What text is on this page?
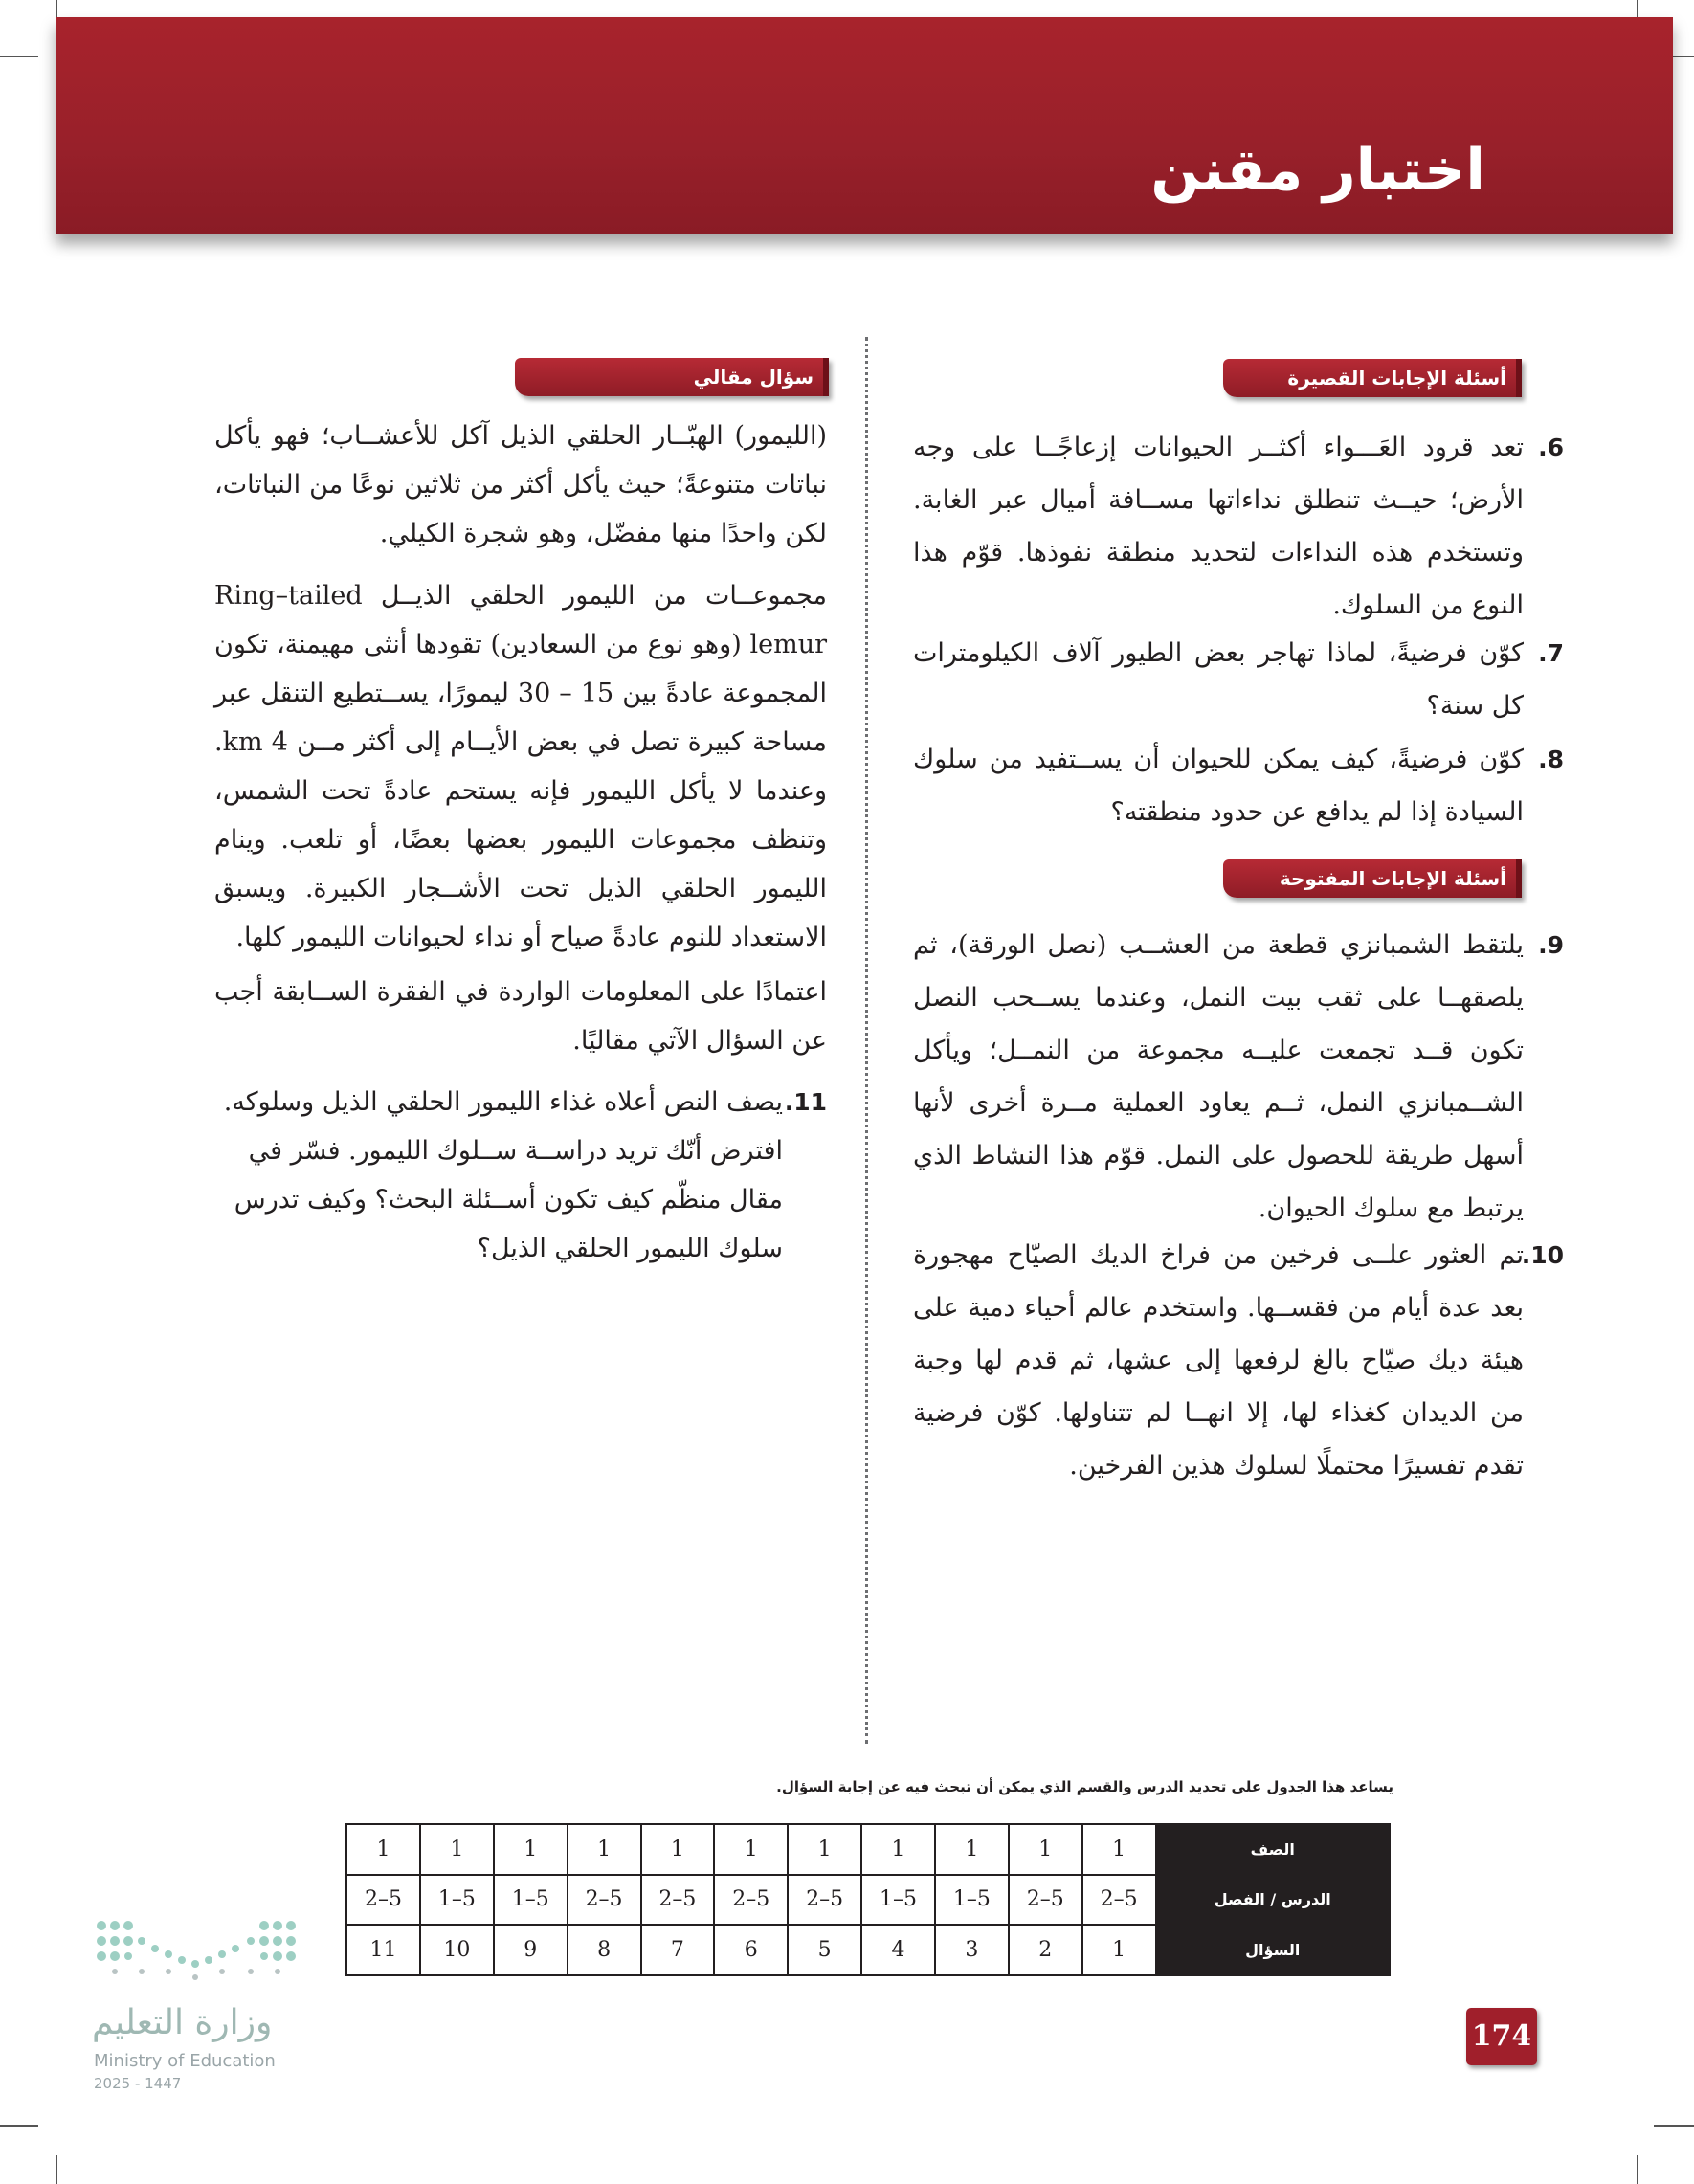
اختبار مقنن
أسئلة الإجابات القصيرة
6.
تعد قرود العَـــواء أكثــر الحيوانات إزعاجًــا على وجه الأرض؛ حيــث تنطلق نداءاتها مســافة أميال عبر الغابة. وتستخدم هذه النداءات لتحديد منطقة نفوذها. قوّم هذا النوع من السلوك.
7.
كوّن فرضيةً، لماذا تهاجر بعض الطيور آلاف الكيلومترات كل سنة؟
8.
كوّن فرضيةً، كيف يمكن للحيوان أن يســتفيد من سلوك السيادة إذا لم يدافع عن حدود منطقته؟
أسئلة الإجابات المفتوحة
9.
يلتقط الشمبانزي قطعة من العشــب (نصل الورقة)، ثم يلصقهــا على ثقب بيت النمل، وعندما يســحب النصل تكون قــد تجمعت عليــه مجموعة من النمــل؛ ويأكل الشــمبانزي النمل، ثــم يعاود العملية مــرة أخرى لأنها أسهل طريقة للحصول على النمل. قوّم هذا النشاط الذي يرتبط مع سلوك الحيوان.
10.
تم العثور علــى فرخين من فراخ الديك الصيّاح مهجورة بعد عدة أيام من فقســها. واستخدم عالم أحياء دمية على هيئة ديك صيّاح بالغ لرفعها إلى عشها، ثم قدم لها وجبة من الديدان كغذاء لها، إلا انهــا لم تتناولها. كوّن فرضية تقدم تفسيرًا محتملًا لسلوك هذين الفرخين.
سؤال مقالي
(الليمور) الهبّــار الحلقي الذيل آكل للأعشــاب؛ فهو يأكل نباتات متنوعةً؛ حيث يأكل أكثر من ثلاثين نوعًا من النباتات، لكن واحدًا منها مفضّل، وهو شجرة الكيلي.
مجموعــات من الليمور الحلقي الذيــل Ring–tailed lemur (وهو نوع من السعادين) تقودها أنثى مهيمنة، تكون المجموعة عادةً بين 15 – 30 ليمورًا، يســتطيع التنقل عبر مساحة كبيرة تصل في بعض الأيــام إلى أكثر مــن 4 km. وعندما لا يأكل الليمور فإنه يستحم عادةً تحت الشمس، وتنظف مجموعات الليمور بعضها بعضًا، أو تلعب. وينام الليمور الحلقي الذيل تحت الأشــجار الكبيرة. ويسبق الاستعداد للنوم عادةً صياح أو نداء لحيوانات الليمور كلها.
اعتمادًا على المعلومات الواردة في الفقرة الســابقة أجب عن السؤال الآتي مقاليًا.
11.
يصف النص أعلاه غذاء الليمور الحلقي الذيل وسلوكه. افترض أنّك تريد دراســة ســلوك الليمور. فسّر في مقال منظّم كيف تكون أســئلة البحث؟ وكيف تدرس سلوك الليمور الحلقي الذيل؟
يساعد هذا الجدول على تحديد الدرس والقسم الذي يمكن أن تبحث فيه عن إجابة السؤال.
الصف	1	1	1	1	1	1	1	1	1	1	1
الدرس / الفصل	2–5	2–5	1–5	1–5	2–5	2–5	2–5	2–5	1–5	1–5	2–5
السؤال	1	2	3	4	5	6	7	8	9	10	11
وزارة التعليم
Ministry of Education
2025 - 1447
174
